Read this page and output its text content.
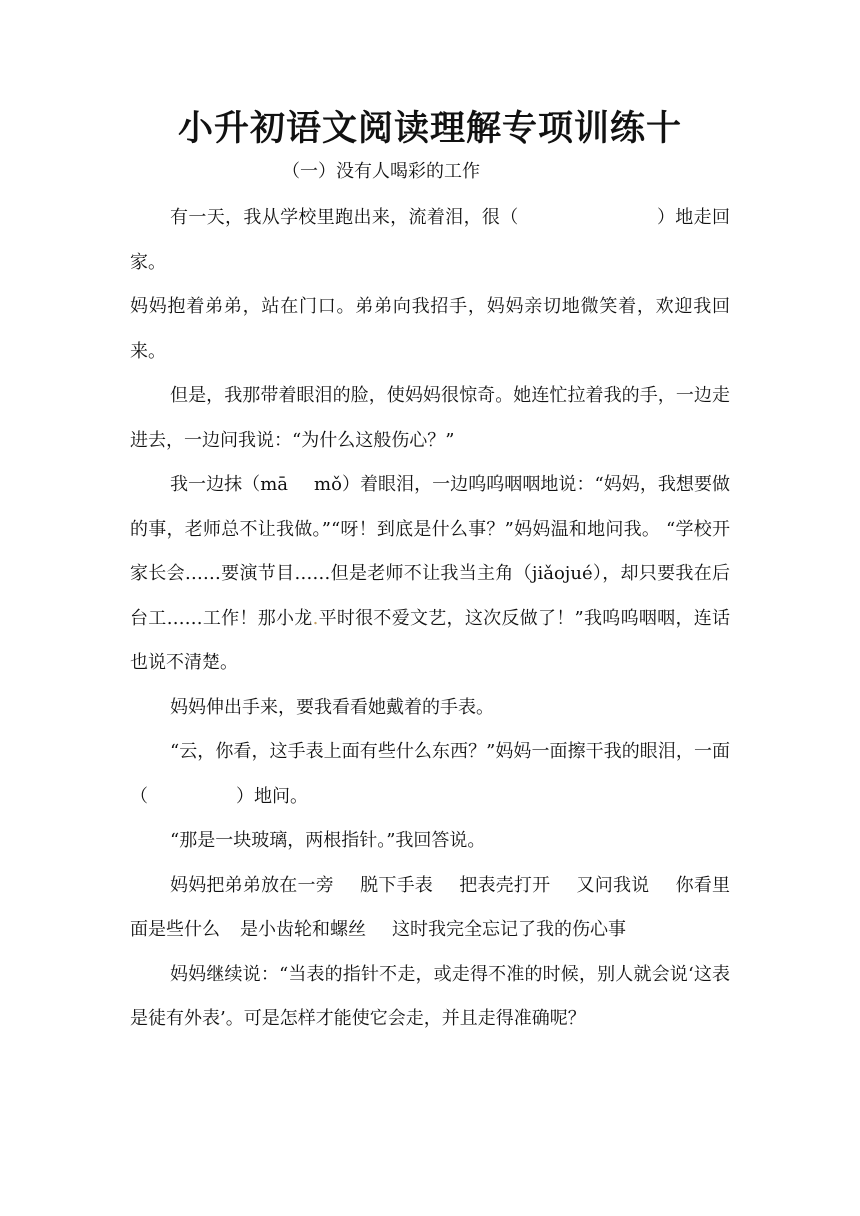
小升初语文阅读理解专项训练十
（一）没有人喝彩的工作

有一天，我从学校里跑出来，流着泪，很（	）地走回家。

妈妈抱着弟弟，站在门口。弟弟向我招手，妈妈亲切地微笑着，欢迎我回来。

但是，我那带着眼泪的脸，使妈妈很惊奇。她连忙拉着我的手，一边走进去，一边问我说：“为什么这般伤心？”

我一边抹（mā mǒ）着眼泪，一边呜呜咽咽地说：“妈妈，我想要做的事，老师总不让我做。”“呀！到底是什么事？”妈妈温和地问我。 “学校开家长会……要演节目……但是老师不让我当主角（jiǎojué），却只要我在后台工……工作！那小龙.平时很不爱文艺，这次反做了！”我呜呜咽咽，连话也说不清楚。

妈妈伸出手来，要我看看她戴着的手表。

“云，你看，这手表上面有些什么东西？”妈妈一面擦干我的眼泪，一面（	）地问。

“那是一块玻璃，两根指针。”我回答说。

妈妈把弟弟放在一旁 脱下手表 把表壳打开 又问我说 你看里面是些什么 是小齿轮和螺丝 这时我完全忘记了我的伤心事

妈妈继续说：“当表的指针不走，或走得不准的时候，别人就会说‘这表是徒有外表’。可是怎样才能使它会走，并且走得准确呢？
